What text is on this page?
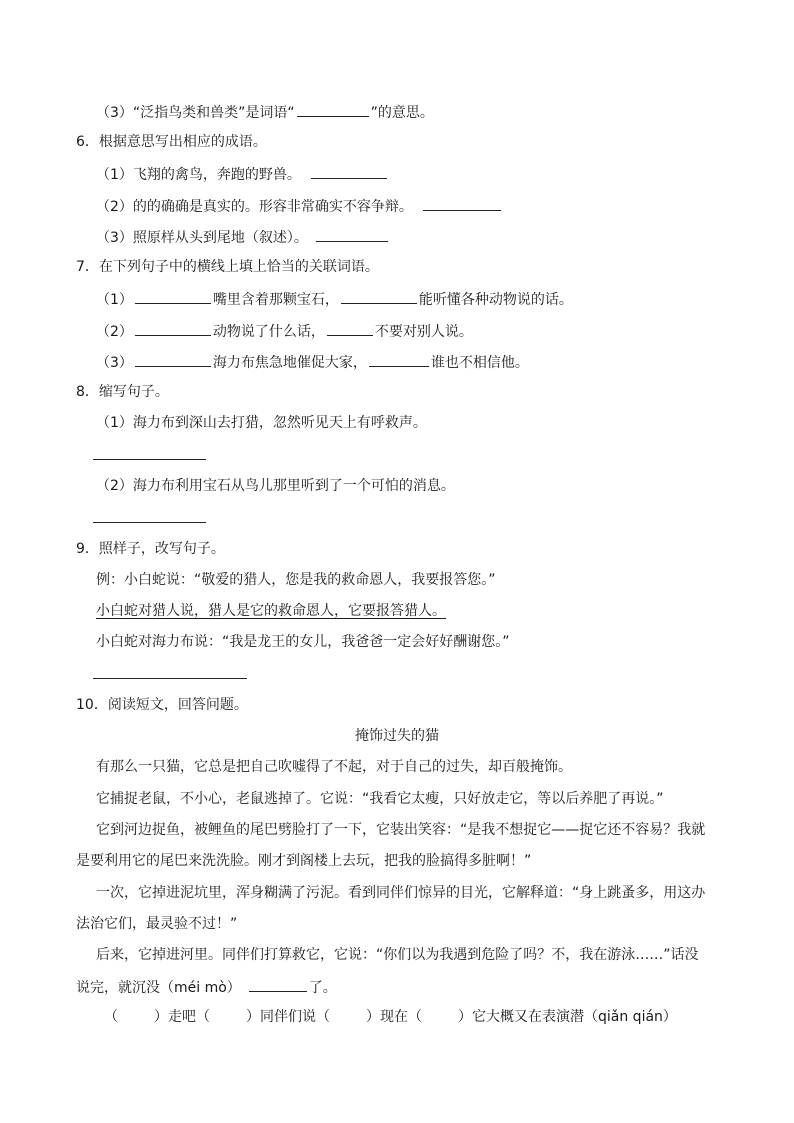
（3）“泛指鸟类和兽类”是词语“	”的意思。
6．根据意思写出相应的成语。
（1）飞翔的禽鸟，奔跑的野兽。
（2）的的确确是真实的。形容非常确实不容争辩。
（3）照原样从头到尾地（叙述）。
7．在下列句子中的横线上填上恰当的关联词语。
（1）	嘴里含着那颗宝石，	能听懂各种动物说的话。
（2）	动物说了什么话，	不要对别人说。
（3）	海力布焦急地催促大家，	谁也不相信他。
8．缩写句子。
（1）海力布到深山去打猎，忽然听见天上有呼救声。
（2）海力布利用宝石从鸟儿那里听到了一个可怕的消息。
9．照样子，改写句子。
例：小白蛇说：“敬爱的猎人，您是我的救命恩人，我要报答您。”
小白蛇对猎人说，猎人是它的救命恩人，它要报答猎人。
小白蛇对海力布说：“我是龙王的女儿，我爸爸一定会好好酬谢您。”
10．阅读短文，回答问题。
掩饰过失的猫
有那么一只猫，它总是把自己吹嘘得了不起，对于自己的过失，却百般掩饰。
它捕捉老鼠，不小心，老鼠逃掉了。它说：“我看它太瘦，只好放走它，等以后养肥了再说。”
它到河边捉鱼，被鲤鱼的尾巴劈脸打了一下，它装出笑容：“是我不想捉它——捉它还不容易？我就
是要利用它的尾巴来洗洗脸。刚才到阁楼上去玩，把我的脸搞得多脏啊！”
一次，它掉进泥坑里，浑身糊满了污泥。看到同伴们惊异的目光，它解释道：“身上跳蚤多，用这办
法治它们，最灵验不过！”
后来，它掉进河里。同伴们打算救它，它说：“你们以为我遇到危险了吗？不，我在游泳……”话没
说完，就沉没（méi mò）	了。
（	）走吧（	）同伴们说（	）现在（	）它大概又在表演潜（qiǎn qián）
